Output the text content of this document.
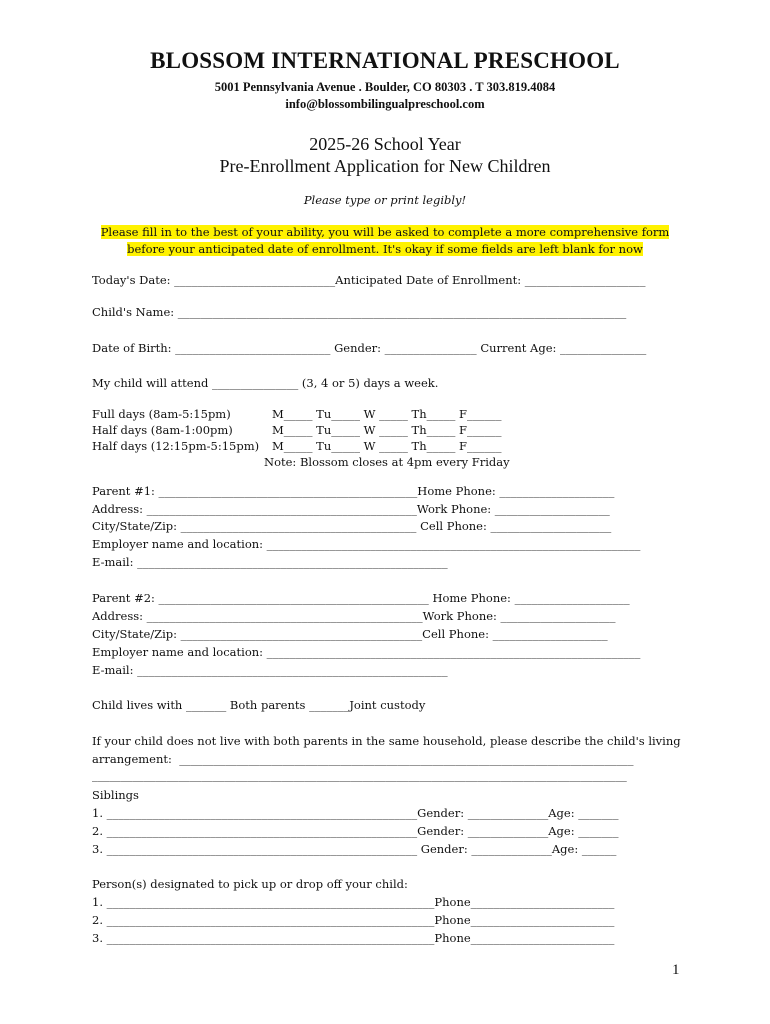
BLOSSOM INTERNATIONAL PRESCHOOL
5001 Pennsylvania Avenue . Boulder, CO 80303 . T 303.819.4084
info@blossombilingualpreschool.com
2025-26 School Year
Pre-Enrollment Application for New Children
Please type or print legibly!
Please fill in to the best of your ability, you will be asked to complete a more comprehensive form
before your anticipated date of enrollment. It's okay if some fields are left blank for now
Today's Date: ____________________________Anticipated Date of Enrollment: _____________________
Child's Name: ______________________________________________________________________________
Date of Birth: ___________________________ Gender: ________________ Current Age: _______________
My child will attend _______________ (3, 4 or 5) days a week.
Full days (8am-5:15pm)	M_____ Tu_____ W _____ Th_____ F______
Half days (8am-1:00pm)	M_____ Tu_____ W _____ Th_____ F______
Half days (12:15pm-5:15pm) M_____ Tu_____ W _____ Th_____ F______
Note: Blossom closes at 4pm every Friday
Parent #1: _____________________________________________Home Phone: ____________________
Address: _______________________________________________Work Phone: ____________________
City/State/Zip: _________________________________________ Cell Phone: _____________________
Employer name and location: _________________________________________________________________
E-mail: ______________________________________________________
Parent #2: _______________________________________________ Home Phone: ____________________
Address: ________________________________________________Work Phone: ____________________
City/State/Zip: __________________________________________Cell Phone: ____________________
Employer name and location: _________________________________________________________________
E-mail: ______________________________________________________
Child lives with _______ Both parents _______Joint custody
If your child does not live with both parents in the same household, please describe the child's living
arrangement:  _______________________________________________________________________________
_____________________________________________________________________________________________
Siblings
1. ______________________________________________________Gender: ______________Age: _______
2. ______________________________________________________Gender: ______________Age: _______
3. ______________________________________________________ Gender: ______________Age: ______
Person(s) designated to pick up or drop off your child:
1. _________________________________________________________Phone_________________________
2. _________________________________________________________Phone_________________________
3. _________________________________________________________Phone_________________________
1
